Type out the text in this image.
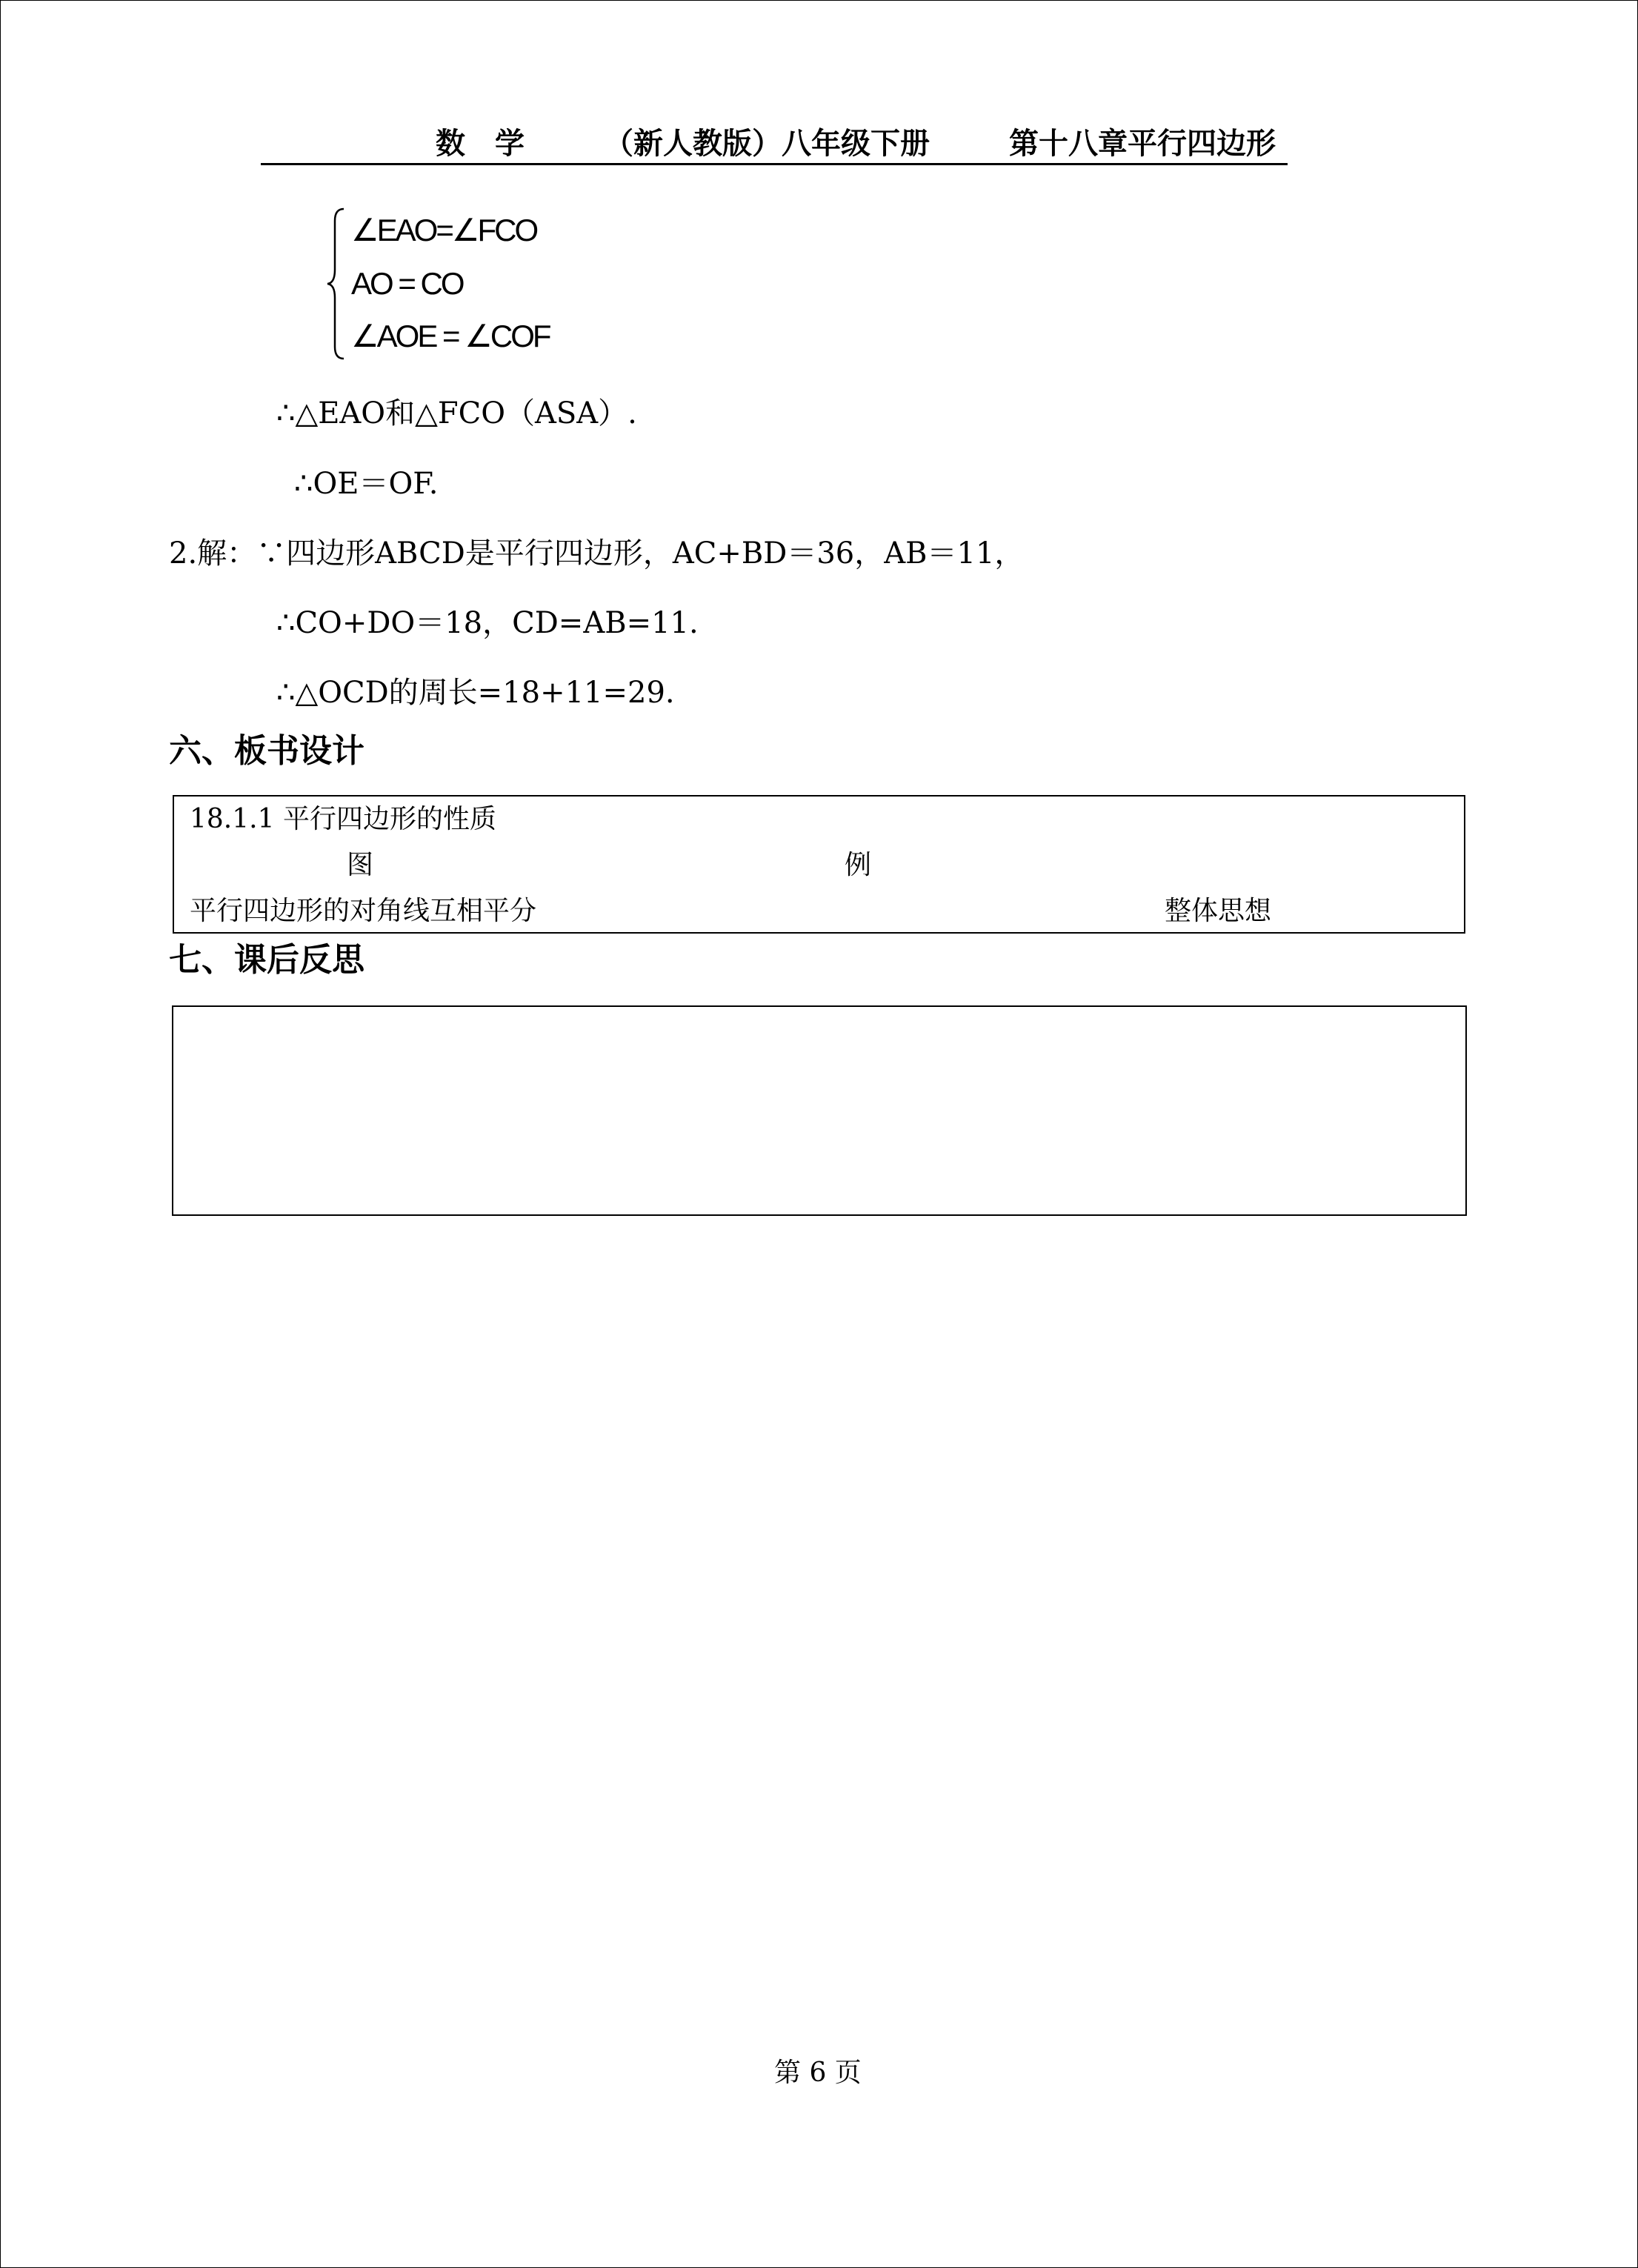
数　学	（新人教版）八年级下册	第十八章平行四边形
∠EAO=∠FCO
AO = CO
∠AOE = ∠COF
∴△EAO和△FCO（ASA）.
∴OE＝OF.
2.解：∵四边形ABCD是平行四边形，AC+BD＝36，AB＝11，
∴CO+DO＝18，CD=AB=11.
∴△OCD的周长=18+11=29.
六、板书设计
18.1.1 平行四边形的性质
图	例
平行四边形的对角线互相平分	整体思想
七、课后反思
第 6 页
